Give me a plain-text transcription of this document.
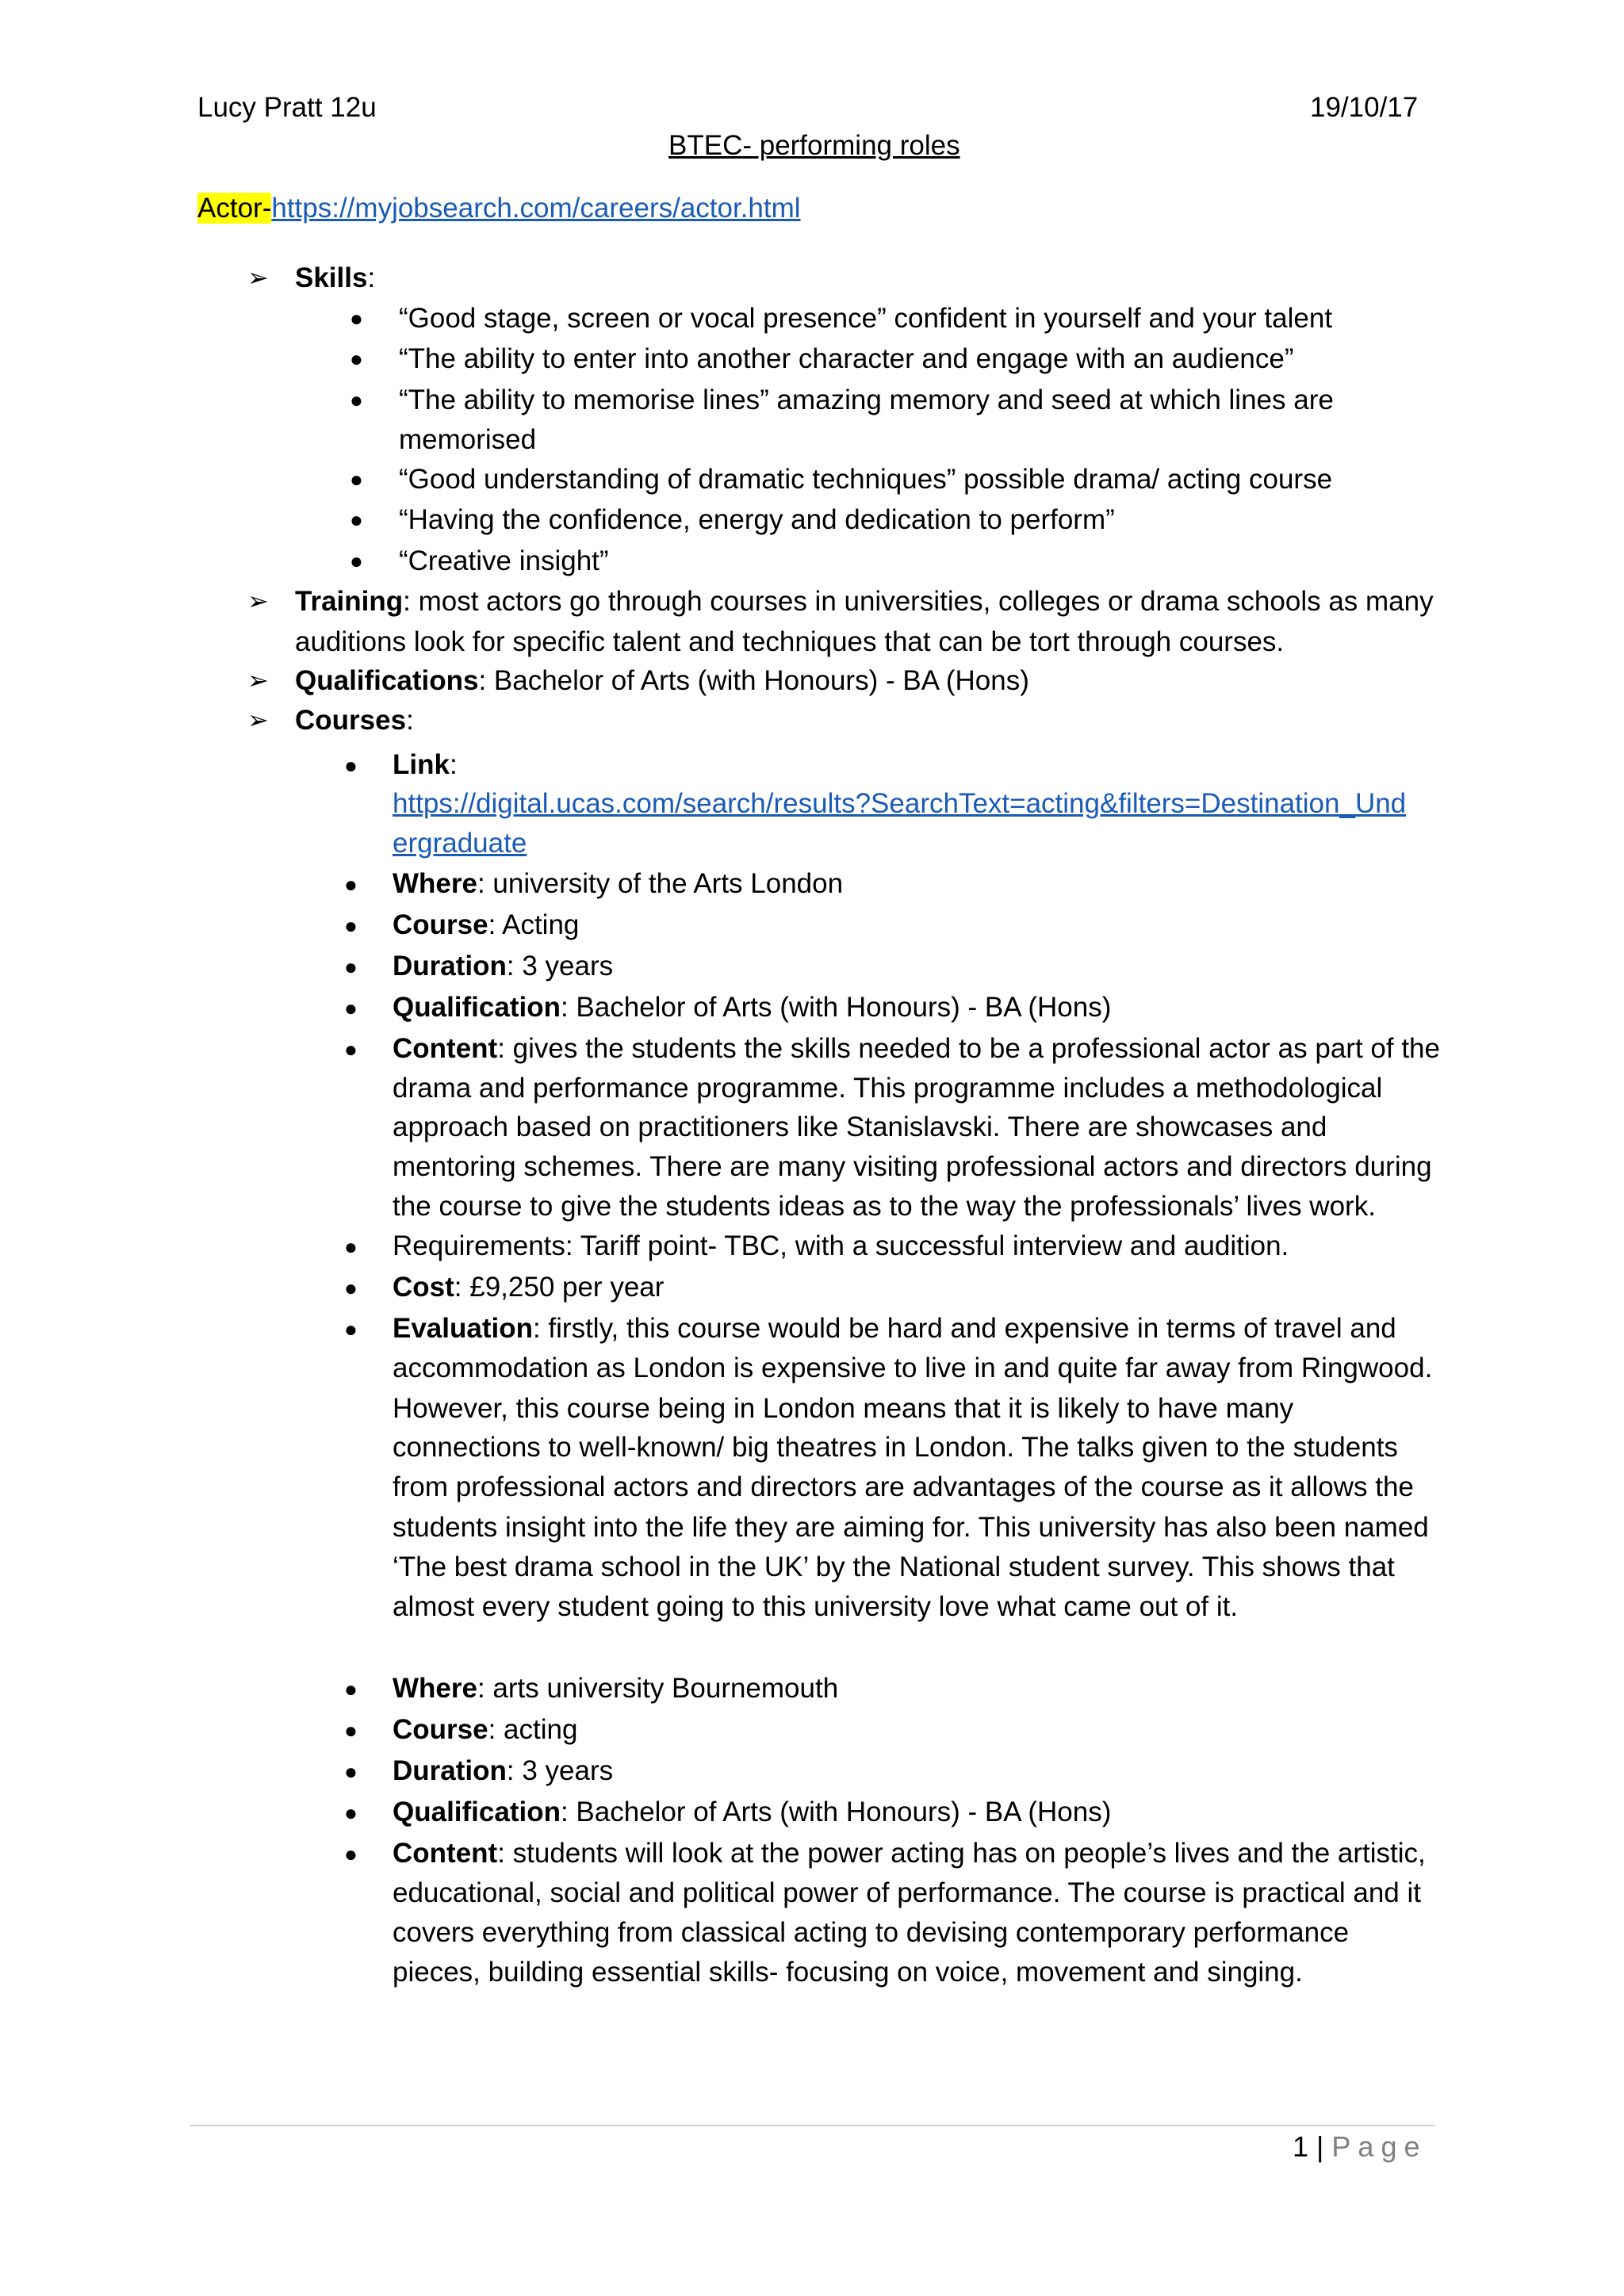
Lucy Pratt 12u	19/10/17
BTEC- performing roles
Actor-https://myjobsearch.com/careers/actor.html
➢ Skills:
● “Good stage, screen or vocal presence” confident in yourself and your talent
● “The ability to enter into another character and engage with an audience”
● “The ability to memorise lines” amazing memory and seed at which lines are
memorised
● “Good understanding of dramatic techniques” possible drama/ acting course
● “Having the confidence, energy and dedication to perform”
● “Creative insight”
➢ Training: most actors go through courses in universities, colleges or drama schools as many
auditions look for specific talent and techniques that can be tort through courses.
➢ Qualifications: Bachelor of Arts (with Honours) - BA (Hons)
➢ Courses:
● Link:
https://digital.ucas.com/search/results?SearchText=acting&filters=Destination_Und
ergraduate
● Where: university of the Arts London
● Course: Acting
● Duration: 3 years
● Qualification: Bachelor of Arts (with Honours) - BA (Hons)
● Content: gives the students the skills needed to be a professional actor as part of the
drama and performance programme. This programme includes a methodological
approach based on practitioners like Stanislavski. There are showcases and
mentoring schemes. There are many visiting professional actors and directors during
the course to give the students ideas as to the way the professionals’ lives work.
● Requirements: Tariff point- TBC, with a successful interview and audition.
● Cost: £9,250 per year
● Evaluation: firstly, this course would be hard and expensive in terms of travel and
accommodation as London is expensive to live in and quite far away from Ringwood.
However, this course being in London means that it is likely to have many
connections to well-known/ big theatres in London. The talks given to the students
from professional actors and directors are advantages of the course as it allows the
students insight into the life they are aiming for. This university has also been named
‘The best drama school in the UK’ by the National student survey. This shows that
almost every student going to this university love what came out of it.
● Where: arts university Bournemouth
● Course: acting
● Duration: 3 years
● Qualification: Bachelor of Arts (with Honours) - BA (Hons)
● Content: students will look at the power acting has on people’s lives and the artistic,
educational, social and political power of performance. The course is practical and it
covers everything from classical acting to devising contemporary performance
pieces, building essential skills- focusing on voice, movement and singing.
1 | Page
